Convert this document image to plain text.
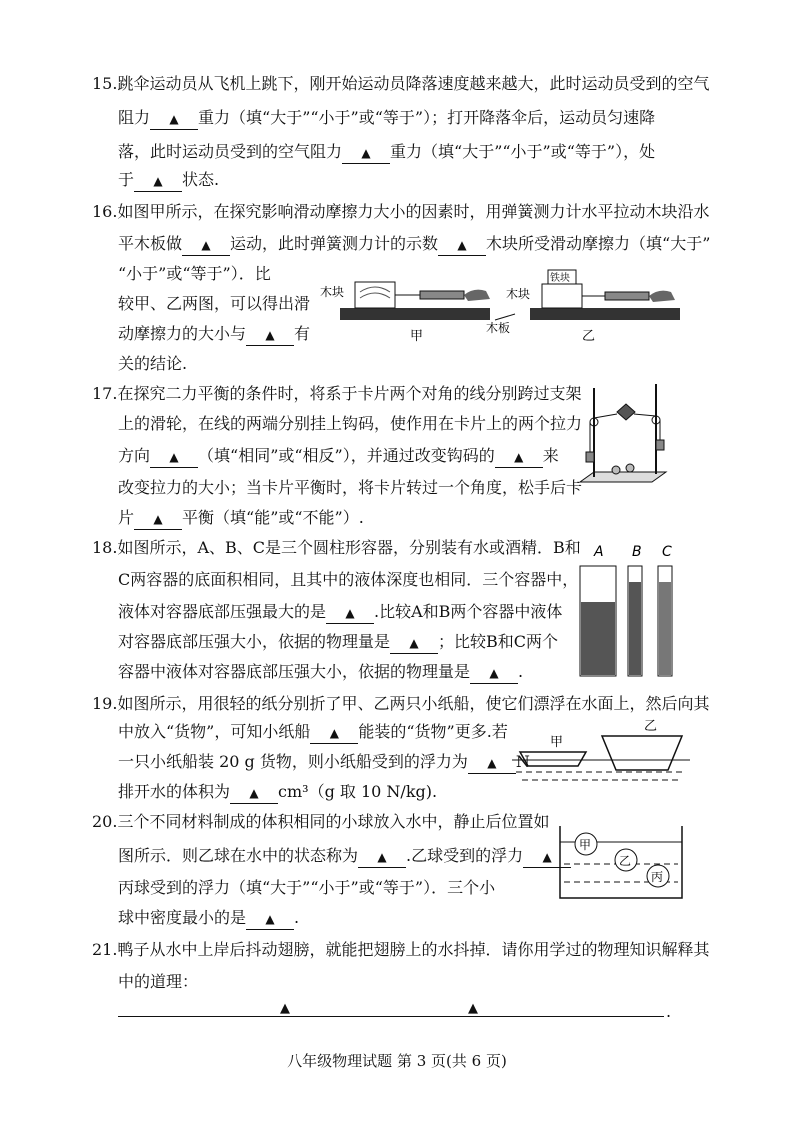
15.跳伞运动员从飞机上跳下，刚开始运动员降落速度越来越大，此时运动员受到的空气
阻力 ▲ 重力（填“大于”“小于”或“等于”）；打开降落伞后，运动员匀速降
落，此时运动员受到的空气阻力 ▲ 重力（填“大于”“小于”或“等于”），处
于 ▲ 状态.
16.如图甲所示，在探究影响滑动摩擦力大小的因素时，用弹簧测力计水平拉动木块沿水
平木板做 ▲ 运动，此时弹簧测力计的示数 ▲ 木块所受滑动摩擦力（填“大于”
“小于”或“等于”）．比
较甲、乙两图，可以得出滑
动摩擦力的大小与 ▲ 有
关的结论.
木块
甲
铁块
木块
木板
乙
17.在探究二力平衡的条件时，将系于卡片两个对角的线分别跨过支架
上的滑轮，在线的两端分别挂上钩码，使作用在卡片上的两个拉力
方向 ▲ （填“相同”或“相反”），并通过改变钩码的 ▲ 来
改变拉力的大小；当卡片平衡时，将卡片转过一个角度，松手后卡
片 ▲ 平衡（填“能”或“不能”）.
18.如图所示，A、B、C是三个圆柱形容器，分别装有水或酒精．B和
C两容器的底面积相同，且其中的液体深度也相同．三个容器中，
液体对容器底部压强最大的是 ▲ .比较A和B两个容器中液体
对容器底部压强大小，依据的物理量是 ▲ ；比较B和C两个
容器中液体对容器底部压强大小，依据的物理量是 ▲ .
A B C
19.如图所示，用很轻的纸分别折了甲、乙两只小纸船，使它们漂浮在水面上，然后向其
中放入“货物”，可知小纸船 ▲ 能装的“货物”更多.若
一只小纸船装 20 g 货物，则小纸船受到的浮力为 ▲ N
排开水的体积为 ▲ cm³（g 取 10 N/kg).
甲
乙
20.三个不同材料制成的体积相同的小球放入水中，静止后位置如
图所示．则乙球在水中的状态称为 ▲ .乙球受到的浮力 ▲
丙球受到的浮力（填“大于”“小于”或“等于”）．三个小
球中密度最小的是 ▲ .
甲
乙
丙
21.鸭子从水中上岸后抖动翅膀，就能把翅膀上的水抖掉．请你用学过的物理知识解释其
中的道理：
▲	▲	.
八年级物理试题 第 3 页(共 6 页)
